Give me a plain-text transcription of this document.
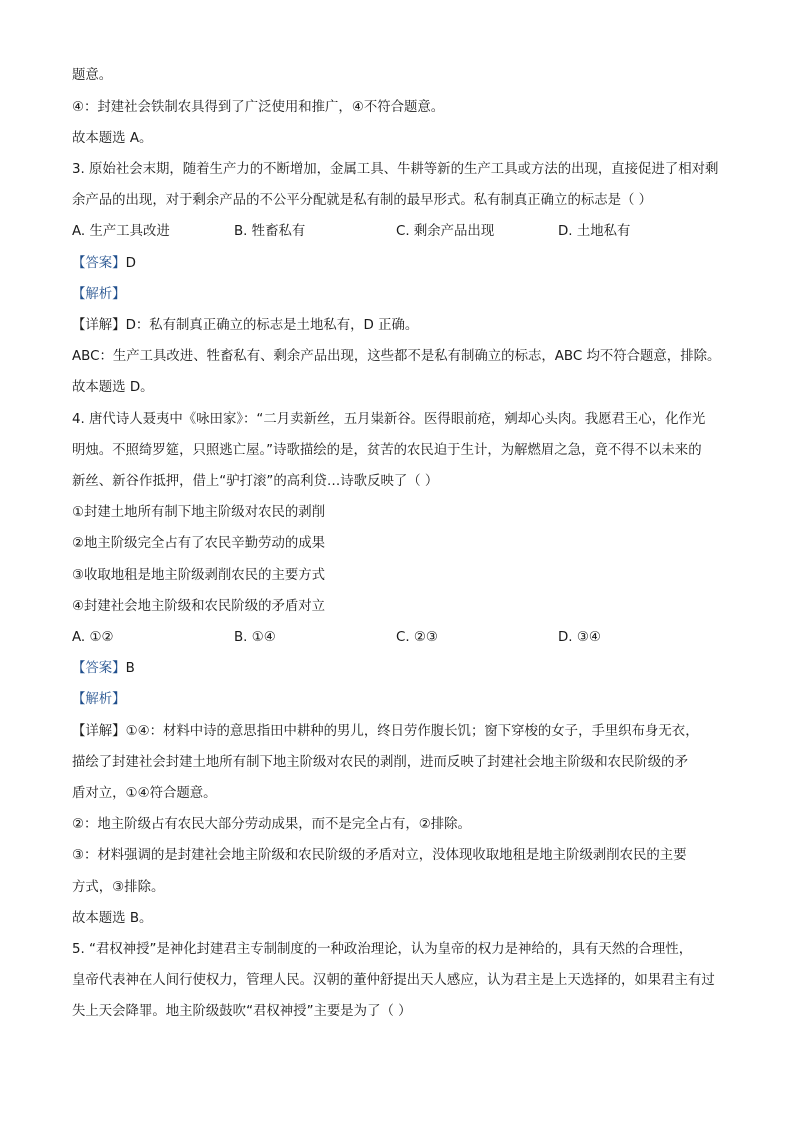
题意。
④：封建社会铁制农具得到了广泛使用和推广，④不符合题意。
故本题选 A。
3. 原始社会末期，随着生产力的不断增加，金属工具、牛耕等新的生产工具或方法的出现，直接促进了相对剩
余产品的出现，对于剩余产品的不公平分配就是私有制的最早形式。私有制真正确立的标志是（ ）
A. 生产工具改进	B. 牲畜私有	C. 剩余产品出现	D. 土地私有
【答案】D
【解析】
【详解】D：私有制真正确立的标志是土地私有，D 正确。
ABC：生产工具改进、牲畜私有、剩余产品出现，这些都不是私有制确立的标志，ABC 均不符合题意，排除。
故本题选 D。
4. 唐代诗人聂夷中《咏田家》：“二月卖新丝，五月粜新谷。医得眼前疮，剜却心头肉。我愿君王心，化作光
明烛。不照绮罗筵，只照逃亡屋。”诗歌描绘的是，贫苦的农民迫于生计，为解燃眉之急，竟不得不以未来的
新丝、新谷作抵押，借上“驴打滚”的高利贷…诗歌反映了（ ）
①封建土地所有制下地主阶级对农民的剥削
②地主阶级完全占有了农民辛勤劳动的成果
③收取地租是地主阶级剥削农民的主要方式
④封建社会地主阶级和农民阶级的矛盾对立
A. ①②	B. ①④	C. ②③	D. ③④
【答案】B
【解析】
【详解】①④：材料中诗的意思指田中耕种的男儿，终日劳作腹长饥；窗下穿梭的女子，手里织布身无衣，
描绘了封建社会封建土地所有制下地主阶级对农民的剥削，进而反映了封建社会地主阶级和农民阶级的矛
盾对立，①④符合题意。
②：地主阶级占有农民大部分劳动成果，而不是完全占有，②排除。
③：材料强调的是封建社会地主阶级和农民阶级的矛盾对立，没体现收取地租是地主阶级剥削农民的主要
方式，③排除。
故本题选 B。
5. “君权神授”是神化封建君主专制制度的一种政治理论，认为皇帝的权力是神给的，具有天然的合理性，
皇帝代表神在人间行使权力，管理人民。汉朝的董仲舒提出天人感应，认为君主是上天选择的，如果君主有过
失上天会降罪。地主阶级鼓吹“君权神授”主要是为了（ ）
